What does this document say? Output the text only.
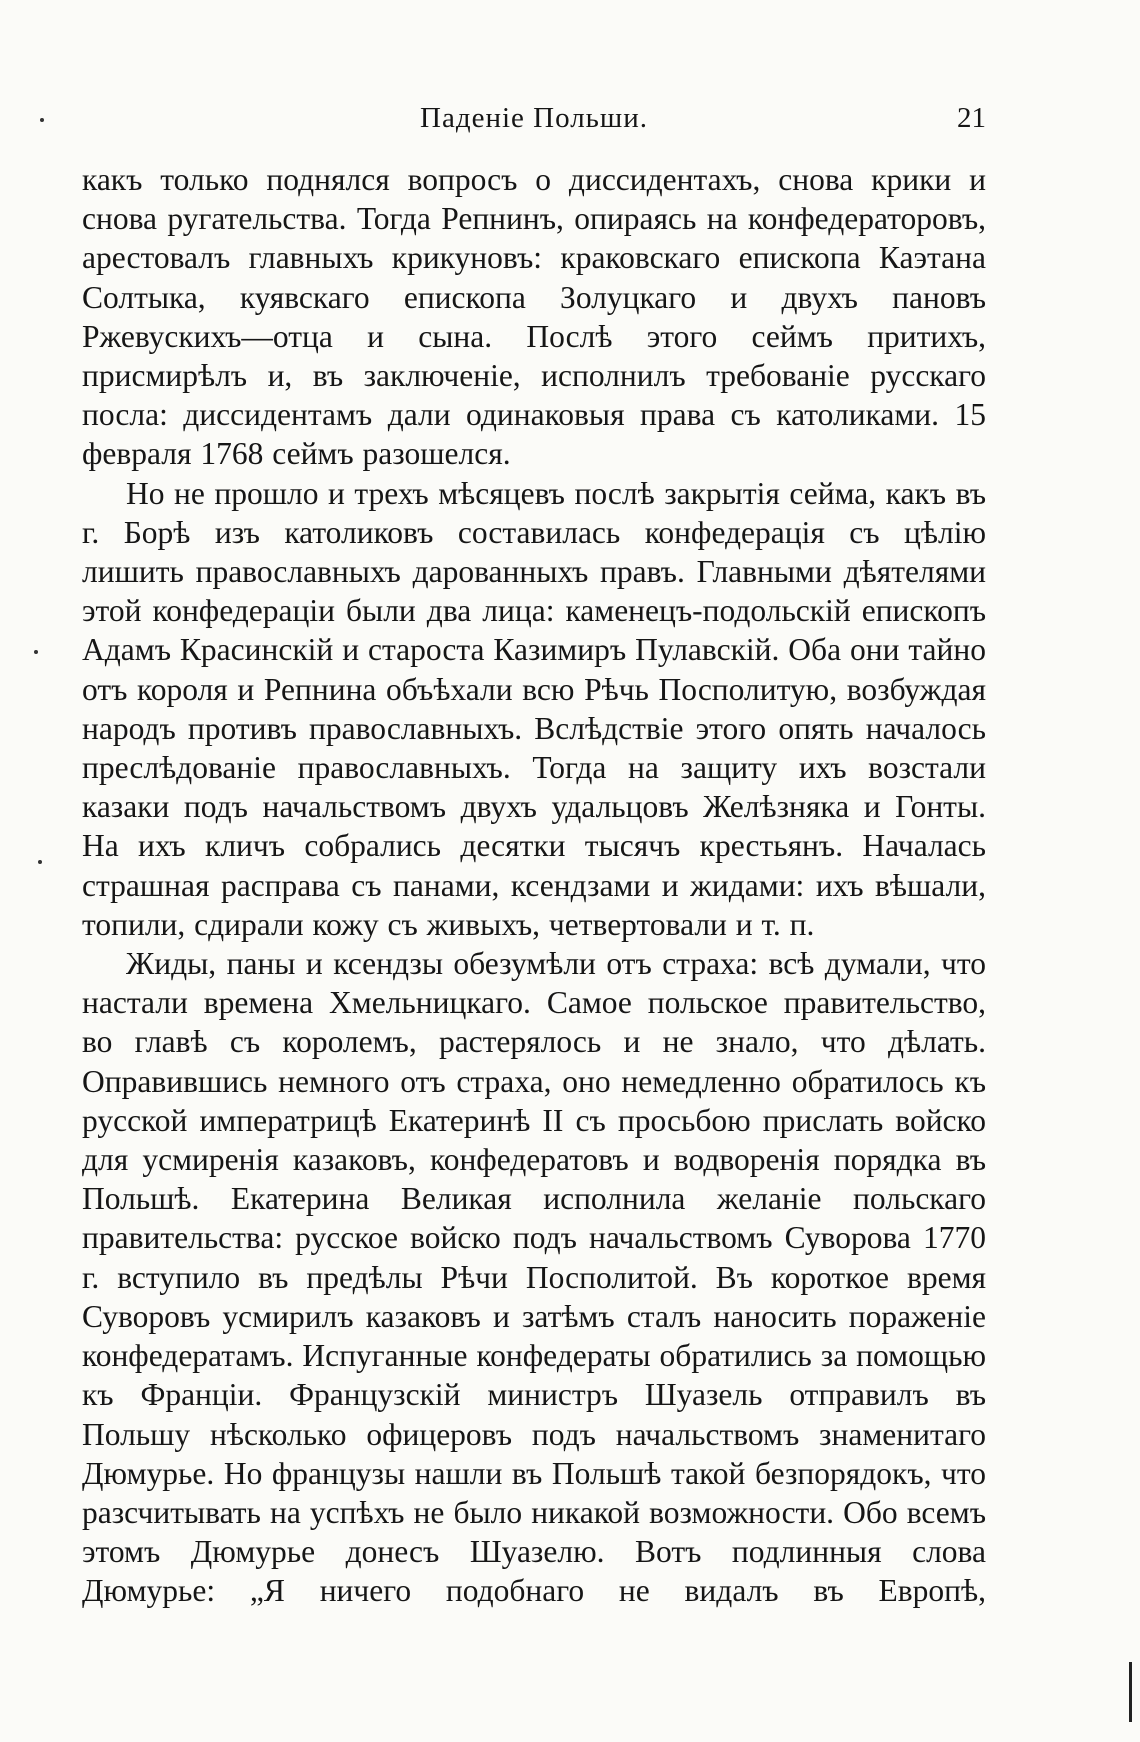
Паденіе Польши.	21

какъ только поднялся вопросъ о диссидентахъ, снова крики и снова ругательства. Тогда Репнинъ, опираясь на конфедераторовъ, арестовалъ главныхъ крикуновъ: краковскаго епископа Каэтана Солтыка, куявскаго епископа Золуцкаго и двухъ пановъ Ржевускихъ—отца и сына. Послѣ этого сеймъ притихъ, присмирѣлъ и, въ заключеніе, исполнилъ требованіе русскаго посла: диссидентамъ дали одинаковыя права съ католиками. 15 февраля 1768 сеймъ разошелся.

Но не прошло и трехъ мѣсяцевъ послѣ закрытія сейма, какъ въ г. Борѣ изъ католиковъ составилась конфедерація съ цѣлію лишить православныхъ дарованныхъ правъ. Главными дѣятелями этой конфедераціи были два лица: каменецъ-подольскій епископъ Адамъ Красинскій и староста Казимиръ Пулавскій. Оба они тайно отъ короля и Репнина объѣхали всю Рѣчь Посполитую, возбуждая народъ противъ православныхъ. Вслѣдствіе этого опять началось преслѣдованіе православныхъ. Тогда на защиту ихъ возстали казаки подъ начальствомъ двухъ удальцовъ Желѣзняка и Гонты. На ихъ кличъ собрались десятки тысячъ крестьянъ. Началась страшная расправа съ панами, ксендзами и жидами: ихъ вѣшали, топили, сдирали кожу съ живыхъ, четвертовали и т. п.

Жиды, паны и ксендзы обезумѣли отъ страха: всѣ думали, что настали времена Хмельницкаго. Самое польское правительство, во главѣ съ королемъ, растерялось и не знало, что дѣлать. Оправившись немного отъ страха, оно немедленно обратилось къ русской императрицѣ Екатеринѣ II съ просьбою прислать войско для усмиренія казаковъ, конфедератовъ и водворенія порядка въ Польшѣ. Екатерина Великая исполнила желаніе польскаго правительства: русское войско подъ начальствомъ Суворова 1770 г. вступило въ предѣлы Рѣчи Посполитой. Въ короткое время Суворовъ усмирилъ казаковъ и затѣмъ сталъ наносить пораженіе конфедератамъ. Испуганные конфедераты обратились за помощью къ Франціи. Французскій министръ Шуазель отправилъ въ Польшу нѣсколько офицеровъ подъ начальствомъ знаменитаго Дюмурье. Но французы нашли въ Польшѣ такой безпорядокъ, что разсчитывать на успѣхъ не было никакой возможности. Обо всемъ этомъ Дюмурье донесъ Шуазелю. Вотъ подлинныя слова Дюмурье: „Я ничего подобнаго не видалъ въ Европѣ,
